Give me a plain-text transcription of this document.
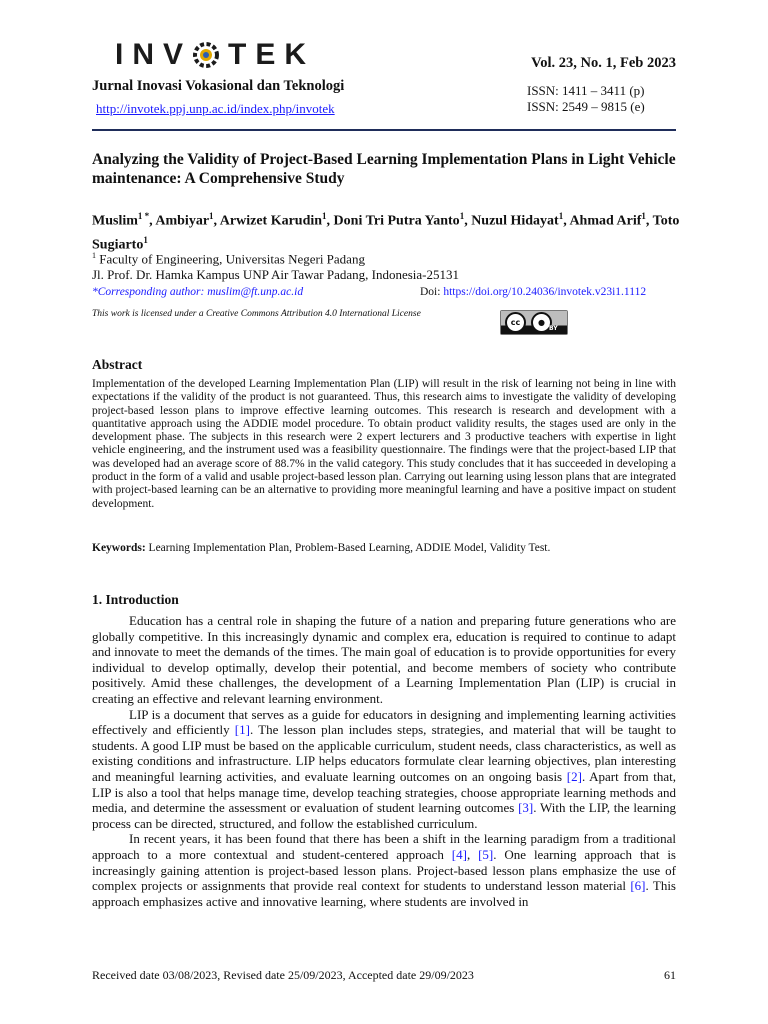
INV TEK
Jurnal Inovasi Vokasional dan Teknologi
http://invotek.ppj.unp.ac.id/index.php/invotek
Vol. 23, No. 1, Feb 2023
ISSN: 1411 – 3411 (p)
ISSN: 2549 – 9815 (e)
Analyzing the Validity of Project-Based Learning Implementation Plans in Light Vehicle maintenance: A Comprehensive Study
Muslim$^{1 *}$, Ambiyar$^1$, Arwizet Karudin$^1$, Doni Tri Putra Yanto$^1$, Nuzul Hidayat$^1$, Ahmad Arif$^1$, Toto Sugiarto$^1$
$^1$ Faculty of Engineering, Universitas Negeri Padang
Jl. Prof. Dr. Hamka Kampus UNP Air Tawar Padang, Indonesia-25131
*Corresponding author: muslim@ft.unp.ac.id	Doi: https://doi.org/10.24036/invotek.v23i1.1112
This work is licensed under a Creative Commons Attribution 4.0 International License
cc	●
BY
Abstract
Implementation of the developed Learning Implementation Plan (LIP) will result in the risk of learning not being in line with expectations if the validity of the product is not guaranteed. Thus, this research aims to investigate the validity of developing project-based lesson plans to improve effective learning outcomes. This research is research and development with a quantitative approach using the ADDIE model procedure. To obtain product validity results, the stages used are only in the development phase. The subjects in this research were 2 expert lecturers and 3 productive teachers with expertise in light vehicle engineering, and the instrument used was a feasibility questionnaire. The findings were that the project-based LIP that was developed had an average score of 88.7% in the valid category. This study concludes that it has succeeded in developing a product in the form of a valid and usable project-based lesson plan. Carrying out learning using lesson plans that are integrated with project-based learning can be an alternative to providing more meaningful learning and have a positive impact on student development.
Keywords: Learning Implementation Plan, Problem-Based Learning, ADDIE Model, Validity Test.
1. Introduction

Education has a central role in shaping the future of a nation and preparing future generations who are globally competitive. In this increasingly dynamic and complex era, education is required to continue to adapt and innovate to meet the demands of the times. The main goal of education is to provide opportunities for every individual to develop optimally, develop their potential, and become members of society who contribute positively. Amid these challenges, the development of a Learning Implementation Plan (LIP) is crucial in creating an effective and relevant learning environment.

LIP is a document that serves as a guide for educators in designing and implementing learning activities effectively and efficiently [1]. The lesson plan includes steps, strategies, and material that will be taught to students. A good LIP must be based on the applicable curriculum, student needs, class characteristics, as well as existing conditions and infrastructure. LIP helps educators formulate clear learning objectives, plan interesting and meaningful learning activities, and evaluate learning outcomes on an ongoing basis [2]. Apart from that, LIP is also a tool that helps manage time, develop teaching strategies, choose appropriate learning methods and media, and determine the assessment or evaluation of student learning outcomes [3]. With the LIP, the learning process can be directed, structured, and follow the established curriculum.

In recent years, it has been found that there has been a shift in the learning paradigm from a traditional approach to a more contextual and student-centered approach [4], [5]. One learning approach that is increasingly gaining attention is project-based lesson plans. Project-based lesson plans emphasize the use of complex projects or assignments that provide real context for students to understand lesson material [6]. This approach emphasizes active and innovative learning, where students are involved in

Received date 03/08/2023, Revised date 25/09/2023, Accepted date 29/09/2023	61
